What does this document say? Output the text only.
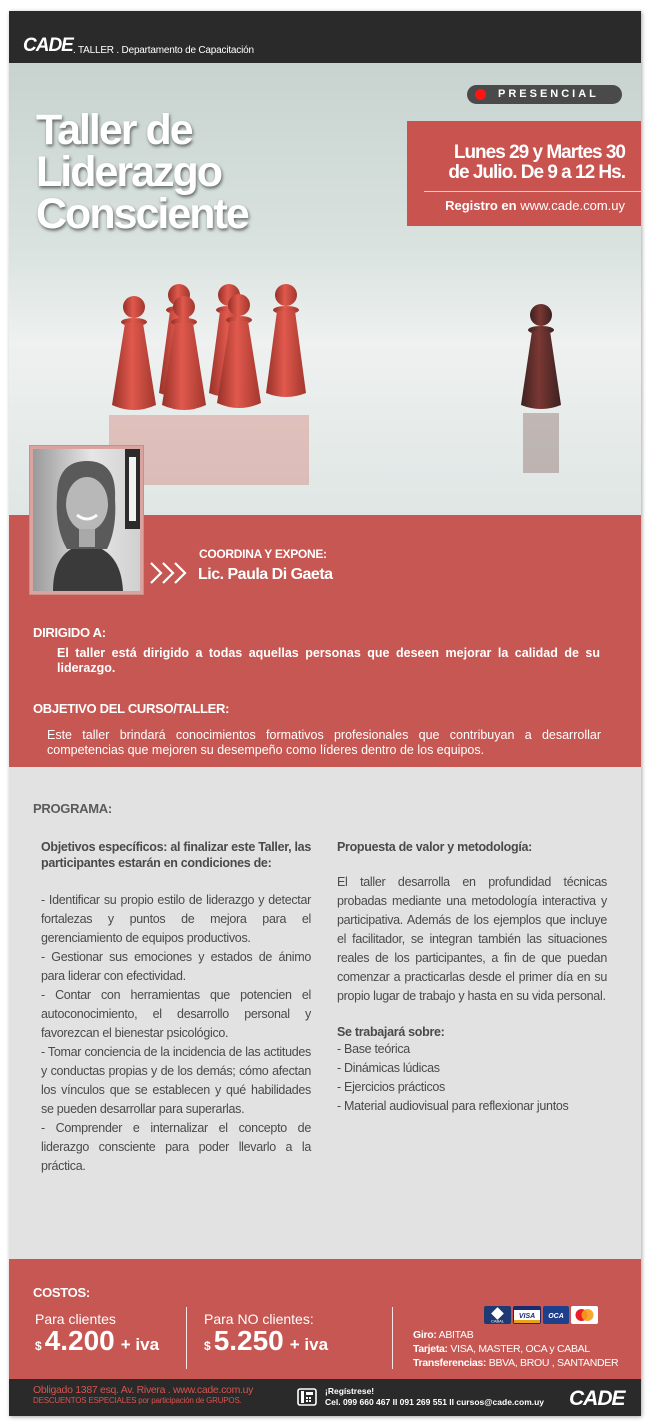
CADE . TALLER . Departamento de Capacitación
Taller de
Liderazgo
Consciente
PRESENCIAL
Lunes 29 y Martes 30
de Julio. De 9 a 12 Hs.
Registro en www.cade.com.uy
COORDINA Y EXPONE:
Lic. Paula Di Gaeta
DIRIGIDO A:
El taller está dirigido a todas aquellas personas que deseen mejorar la calidad de su liderazgo.
OBJETIVO DEL CURSO/TALLER:
Este taller brindará conocimientos formativos profesionales que contribuyan a desarrollar competencias que mejoren su desempeño como líderes dentro de los equipos.
PROGRAMA:
Objetivos específicos: al finalizar este Taller, las participantes estarán en condiciones de:
- Identificar su propio estilo de liderazgo y detectar fortalezas y puntos de mejora para el gerenciamiento de equipos productivos.
- Gestionar sus emociones y estados de ánimo para liderar con efectividad.
- Contar con herramientas que potencien el autoconocimiento, el desarrollo personal y favorezcan el bienestar psicológico.
- Tomar conciencia de la incidencia de las actitudes y conductas propias y de los demás; cómo afectan los vínculos que se establecen y qué habilidades se pueden desarrollar para superarlas.
- Comprender e internalizar el concepto de liderazgo consciente para poder llevarlo a la práctica.
Propuesta de valor y metodología:
El taller desarrolla en profundidad técnicas probadas mediante una metodología interactiva y participativa. Además de los ejemplos que incluye el facilitador, se integran también las situaciones reales de los participantes, a fin de que puedan comenzar a practicarlas desde el primer día en su propio lugar de trabajo y hasta en su vida personal.
Se trabajará sobre:
- Base teórica
- Dinámicas lúdicas
- Ejercicios prácticos
- Material audiovisual para reflexionar juntos
COSTOS:
Para clientes
$ 4.200 + iva
Para NO clientes:
$ 5.250 + iva
CABAL
VISA OCA
Giro: ABITAB
Tarjeta: VISA, MASTER, OCA y CABAL
Transferencias: BBVA, BROU , SANTANDER
Obligado 1387 esq. Av. Rivera . www.cade.com.uy
DESCUENTOS ESPECIALES por participación de GRUPOS.
¡Regístrese!
Cel. 099 660 467 II 091 269 551 II cursos@cade.com.uy CADE
